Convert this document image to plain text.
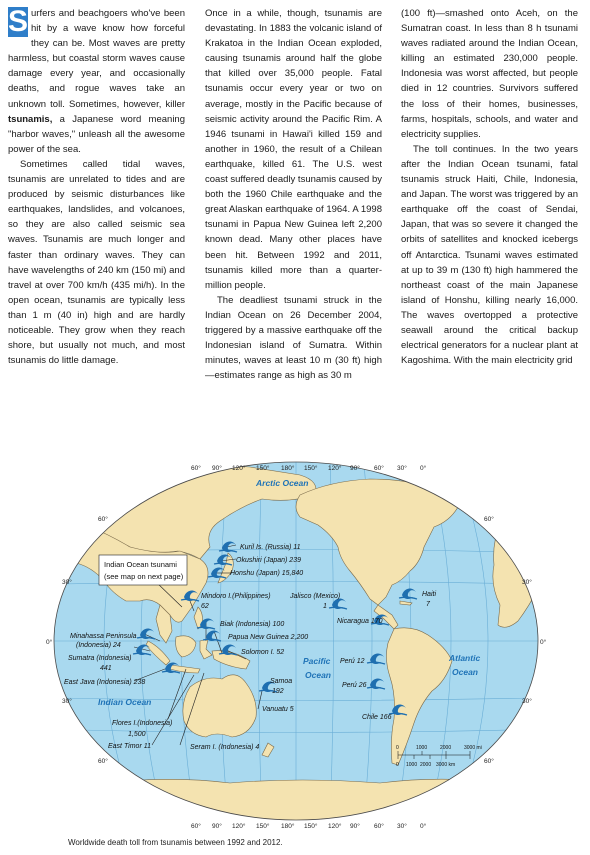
S urfers and beachgoers who've been hit by a wave know how forceful they can be. Most waves are pretty harmless, but coastal storm waves cause damage every year, and occasionally deaths, and rogue waves take an unknown toll. Sometimes, however, killer tsunamis, a Japanese word meaning "harbor waves," unleash all the awesome power of the sea.

Sometimes called tidal waves, tsunamis are unrelated to tides and are produced by seismic disturbances like earthquakes, landslides, and volcanoes, so they are also called seismic sea waves. Tsunamis are much longer and faster than ordinary waves. They can have wavelengths of 240 km (150 mi) and travel at over 700 km/h (435 mi/h). In the open ocean, tsunamis are typically less than 1 m (40 in) high and are hardly noticeable. They grow when they reach shore, but usually not much, and most tsunamis do little damage.

Once in a while, though, tsunamis are devastating. In 1883 the volcanic island of Krakatoa in the Indian Ocean exploded, causing tsunamis around half the globe that killed over 35,000 people. Fatal tsunamis occur every year or two on average, mostly in the Pacific because of seismic activity around the Pacific Rim. A 1946 tsunami in Hawai'i killed 159 and another in 1960, the result of a Chilean earthquake, killed 61. The U.S. west coast suffered deadly tsunamis caused by both the 1960 Chile earthquake and the great Alaskan earthquake of 1964. A 1998 tsunami in Papua New Guinea left 2,200 known dead. Many other places have been hit. Between 1992 and 2011, tsunamis killed more than a quarter-million people.

The deadliest tsunami struck in the Indian Ocean on 26 December 2004, triggered by a massive earthquake off the Indonesian island of Sumatra. Within minutes, waves at least 10 m (30 ft) high—estimates range as high as 30 m

(100 ft)—smashed onto Aceh, on the Sumatran coast. In less than 8 h tsunami waves radiated around the Indian Ocean, killing an estimated 230,000 people. Indonesia was worst affected, but people died in 12 countries. Survivors suffered the loss of their homes, businesses, farms, hospitals, schools, and water and electricity supplies.

The toll continues. In the two years after the Indian Ocean tsunami, fatal tsunamis struck Haiti, Chile, Indonesia, and Japan. The worst was triggered by an earthquake off the coast of Sendai, Japan, that was so severe it changed the orbits of satellites and knocked icebergs off Antarctica. Tsunami waves estimated at up to 39 m (130 ft) high hammered the northeast coast of the main Japanese island of Honshu, killing nearly 16,000. The waves overtopped a protective seawall around the critical backup electrical generators for a nuclear plant at Kagoshima. With the main electricity grid

60° 90° 120° 150° 180° 150° 120° 90° 60° 30° 0°
60° 90° 120° 150° 180° 150° 120° 90° 60° 30° 0°
60°
30°
0°
30°
60°
60°
30°
0°
30°
60°
Arctic Ocean
Pacific
Ocean
Atlantic
Ocean
Indian Ocean
Indian Ocean tsunami
(see map on next page)
Kuril Is. (Russia) 11
Okushiri (Japan) 239
Honshu (Japan) 15,840
Mindoro I.(Philippines)
62
Jalisco (Mexico)
1
Haiti
7
Minahassa Peninsula
(Indonesia) 24
Sumatra (Indonesia)
441
East Java (Indonesia) 238
Biak (Indonesia) 100
Papua New Guinea 2,200
Solomon I. 52
Nicaragua 170
Perú 12
Perú 26
Samoa
192
Vanuatu 5
Chile 166
Flores I.(Indonesia)
1,500
East Timor 11	Seram I. (Indonesia) 4	0	1000	2000	3000 mi
0 1000 2000 3000 km
Worldwide death toll from tsunamis between 1992 and 2012.
